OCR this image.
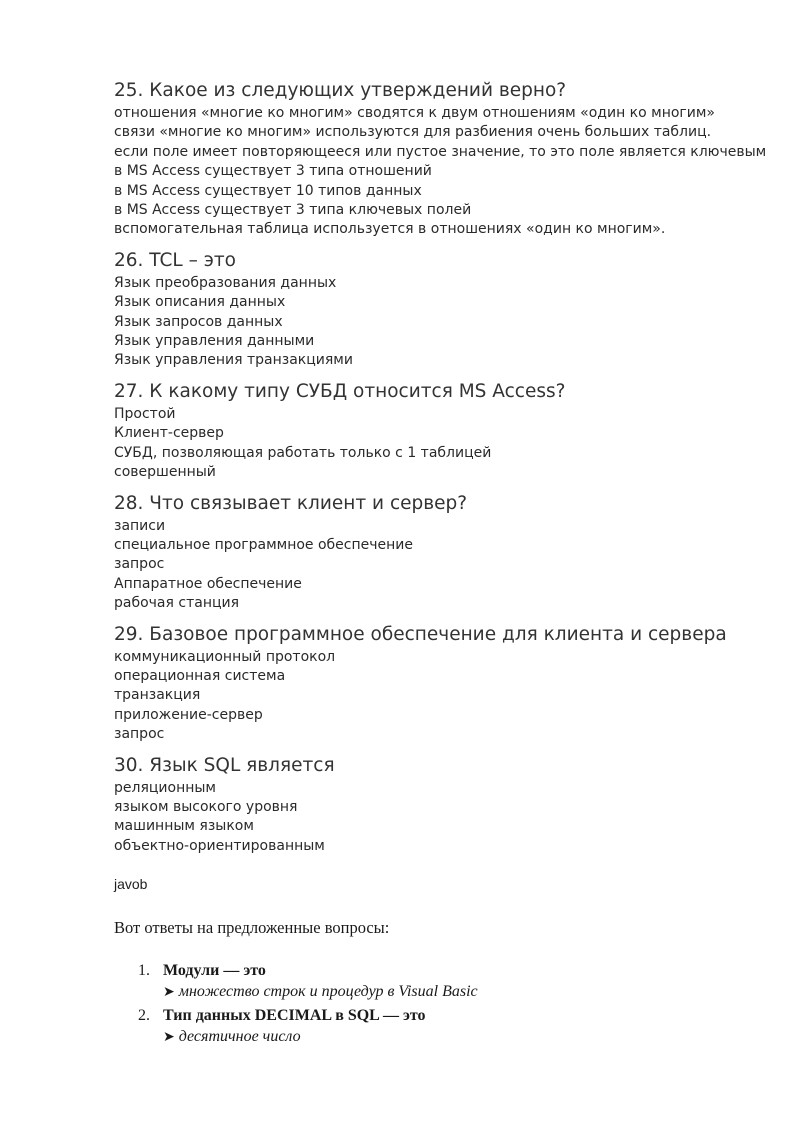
25. Какое из следующих утверждений верно?

отношения «многие ко многим» сводятся к двум отношениям «один ко многим»
связи «многие ко многим» используются для разбиения очень больших таблиц.
если поле имеет повторяющееся или пустое значение, то это поле является ключевым
в MS Access существует 3 типа отношений
в MS Access существует 10 типов данных
в MS Access существует 3 типа ключевых полей
вспомогательная таблица используется в отношениях «один ко многим».

26. TCL – это

Язык преобразования данных
Язык описания данных
Язык запросов данных
Язык управления данными
Язык управления транзакциями

27. К какому типу СУБД относится MS Access?

Простой
Клиент-сервер
СУБД, позволяющая работать только с 1 таблицей
совершенный

28. Что связывает клиент и сервер?

записи
специальное программное обеспечение
запрос
Аппаратное обеспечение
рабочая станция

29. Базовое программное обеспечение для клиента и сервера

коммуникационный протокол
операционная система
транзакция
приложение-сервер
запрос

30. Язык SQL является

реляционным
языком высокого уровня
машинным языком
объектно-ориентированным
javob

Вот ответы на предложенные вопросы:

1. Модули — это

➤ множество строк и процедур в Visual Basic

2. Тип данных DECIMAL в SQL — это

➤ десятичное число
